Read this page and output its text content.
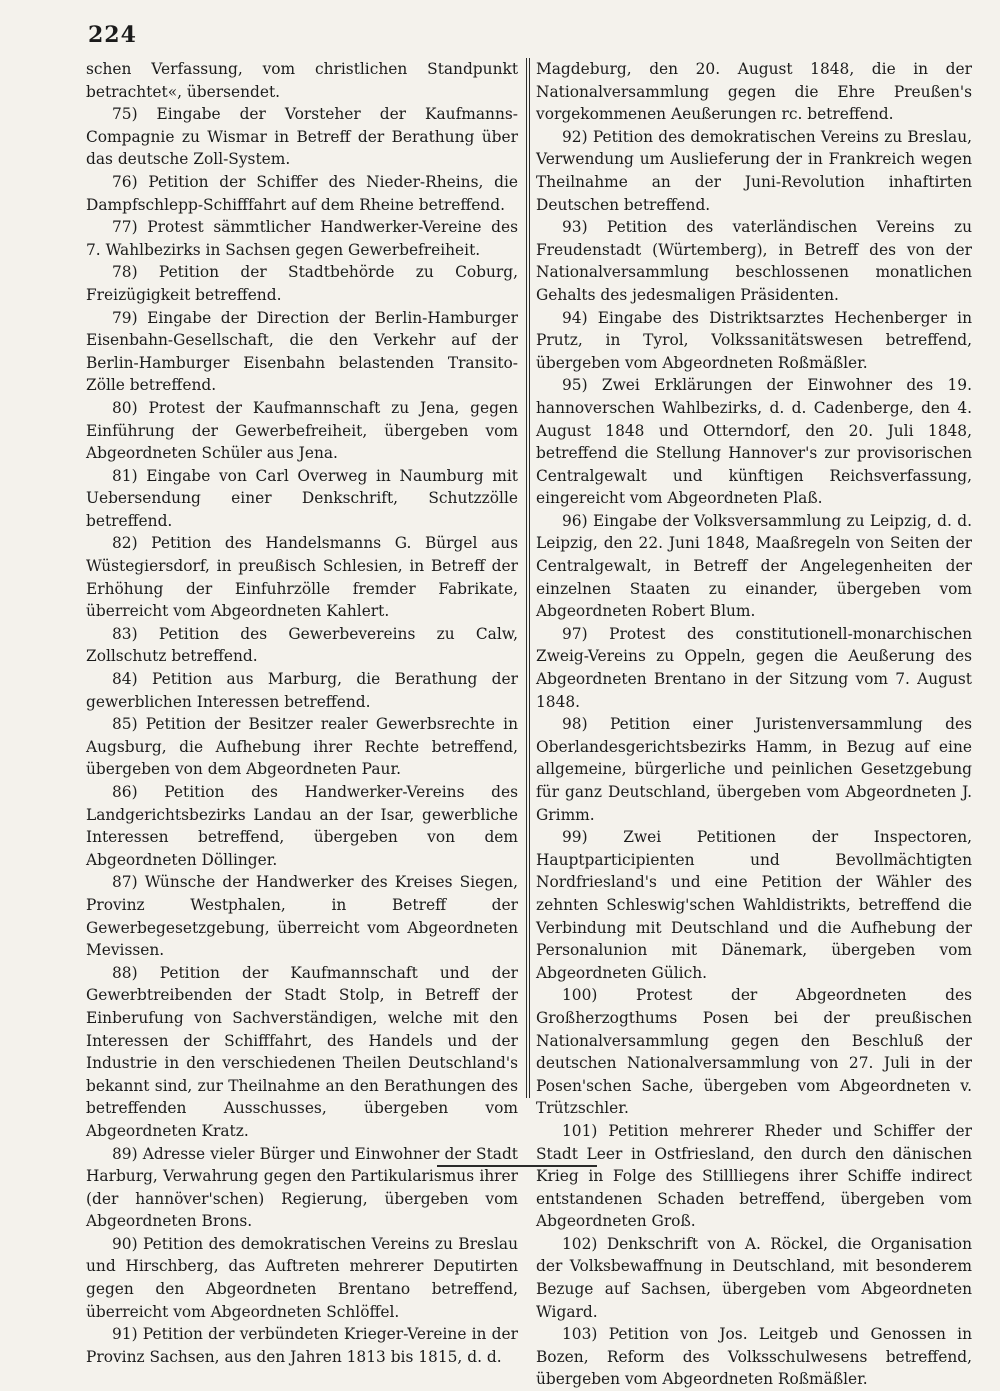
224

schen Verfassung, vom christlichen Standpunkt betrachtet«, übersendet.

75) Eingabe der Vorsteher der Kaufmanns-Compagnie zu Wismar in Betreff der Berathung über das deutsche Zoll-System.

76) Petition der Schiffer des Nieder-Rheins, die Dampfschlepp-Schifffahrt auf dem Rheine betreffend.

77) Protest sämmtlicher Handwerker-Vereine des 7. Wahlbezirks in Sachsen gegen Gewerbefreiheit.

78) Petition der Stadtbehörde zu Coburg, Freizügigkeit betreffend.

79) Eingabe der Direction der Berlin-Hamburger Eisenbahn-Gesellschaft, die den Verkehr auf der Berlin-Hamburger Eisenbahn belastenden Transito-Zölle betreffend.

80) Protest der Kaufmannschaft zu Jena, gegen Einführung der Gewerbefreiheit, übergeben vom Abgeordneten Schüler aus Jena.

81) Eingabe von Carl Overweg in Naumburg mit Uebersendung einer Denkschrift, Schutzzölle betreffend.

82) Petition des Handelsmanns G. Bürgel aus Wüstegiersdorf, in preußisch Schlesien, in Betreff der Erhöhung der Einfuhrzölle fremder Fabrikate, überreicht vom Abgeordneten Kahlert.

83) Petition des Gewerbevereins zu Calw, Zollschutz betreffend.

84) Petition aus Marburg, die Berathung der gewerblichen Interessen betreffend.

85) Petition der Besitzer realer Gewerbsrechte in Augsburg, die Aufhebung ihrer Rechte betreffend, übergeben von dem Abgeordneten Paur.

86) Petition des Handwerker-Vereins des Landgerichtsbezirks Landau an der Isar, gewerbliche Interessen betreffend, übergeben von dem Abgeordneten Döllinger.

87) Wünsche der Handwerker des Kreises Siegen, Provinz Westphalen, in Betreff der Gewerbegesetzgebung, überreicht vom Abgeordneten Mevissen.

88) Petition der Kaufmannschaft und der Gewerbtreibenden der Stadt Stolp, in Betreff der Einberufung von Sachverständigen, welche mit den Interessen der Schifffahrt, des Handels und der Industrie in den verschiedenen Theilen Deutschland's bekannt sind, zur Theilnahme an den Berathungen des betreffenden Ausschusses, übergeben vom Abgeordneten Kratz.

89) Adresse vieler Bürger und Einwohner der Stadt Harburg, Verwahrung gegen den Partikularismus ihrer (der hannöver'schen) Regierung, übergeben vom Abgeordneten Brons.

90) Petition des demokratischen Vereins zu Breslau und Hirschberg, das Auftreten mehrerer Deputirten gegen den Abgeordneten Brentano betreffend, überreicht vom Abgeordneten Schlöffel.

91) Petition der verbündeten Krieger-Vereine in der Provinz Sachsen, aus den Jahren 1813 bis 1815, d. d.

Magdeburg, den 20. August 1848, die in der Nationalversammlung gegen die Ehre Preußen's vorgekommenen Aeußerungen rc. betreffend.

92) Petition des demokratischen Vereins zu Breslau, Verwendung um Auslieferung der in Frankreich wegen Theilnahme an der Juni-Revolution inhaftirten Deutschen betreffend.

93) Petition des vaterländischen Vereins zu Freudenstadt (Würtemberg), in Betreff des von der Nationalversammlung beschlossenen monatlichen Gehalts des jedesmaligen Präsidenten.

94) Eingabe des Distriktsarztes Hechenberger in Prutz, in Tyrol, Volkssanitätswesen betreffend, übergeben vom Abgeordneten Roßmäßler.

95) Zwei Erklärungen der Einwohner des 19. hannoverschen Wahlbezirks, d. d. Cadenberge, den 4. August 1848 und Otterndorf, den 20. Juli 1848, betreffend die Stellung Hannover's zur provisorischen Centralgewalt und künftigen Reichsverfassung, eingereicht vom Abgeordneten Plaß.

96) Eingabe der Volksversammlung zu Leipzig, d. d. Leipzig, den 22. Juni 1848, Maaßregeln von Seiten der Centralgewalt, in Betreff der Angelegenheiten der einzelnen Staaten zu einander, übergeben vom Abgeordneten Robert Blum.

97) Protest des constitutionell-monarchischen Zweig-Vereins zu Oppeln, gegen die Aeußerung des Abgeordneten Brentano in der Sitzung vom 7. August 1848.

98) Petition einer Juristenversammlung des Oberlandesgerichtsbezirks Hamm, in Bezug auf eine allgemeine, bürgerliche und peinlichen Gesetzgebung für ganz Deutschland, übergeben vom Abgeordneten J. Grimm.

99) Zwei Petitionen der Inspectoren, Hauptparticipienten und Bevollmächtigten Nordfriesland's und eine Petition der Wähler des zehnten Schleswig'schen Wahldistrikts, betreffend die Verbindung mit Deutschland und die Aufhebung der Personalunion mit Dänemark, übergeben vom Abgeordneten Gülich.

100) Protest der Abgeordneten des Großherzogthums Posen bei der preußischen Nationalversammlung gegen den Beschluß der deutschen Nationalversammlung von 27. Juli in der Posen'schen Sache, übergeben vom Abgeordneten v. Trützschler.

101) Petition mehrerer Rheder und Schiffer der Stadt Leer in Ostfriesland, den durch den dänischen Krieg in Folge des Stillliegens ihrer Schiffe indirect entstandenen Schaden betreffend, übergeben vom Abgeordneten Groß.

102) Denkschrift von A. Röckel, die Organisation der Volksbewaffnung in Deutschland, mit besonderem Bezuge auf Sachsen, übergeben vom Abgeordneten Wigard.

103) Petition von Jos. Leitgeb und Genossen in Bozen, Reform des Volksschulwesens betreffend, übergeben vom Abgeordneten Roßmäßler.
